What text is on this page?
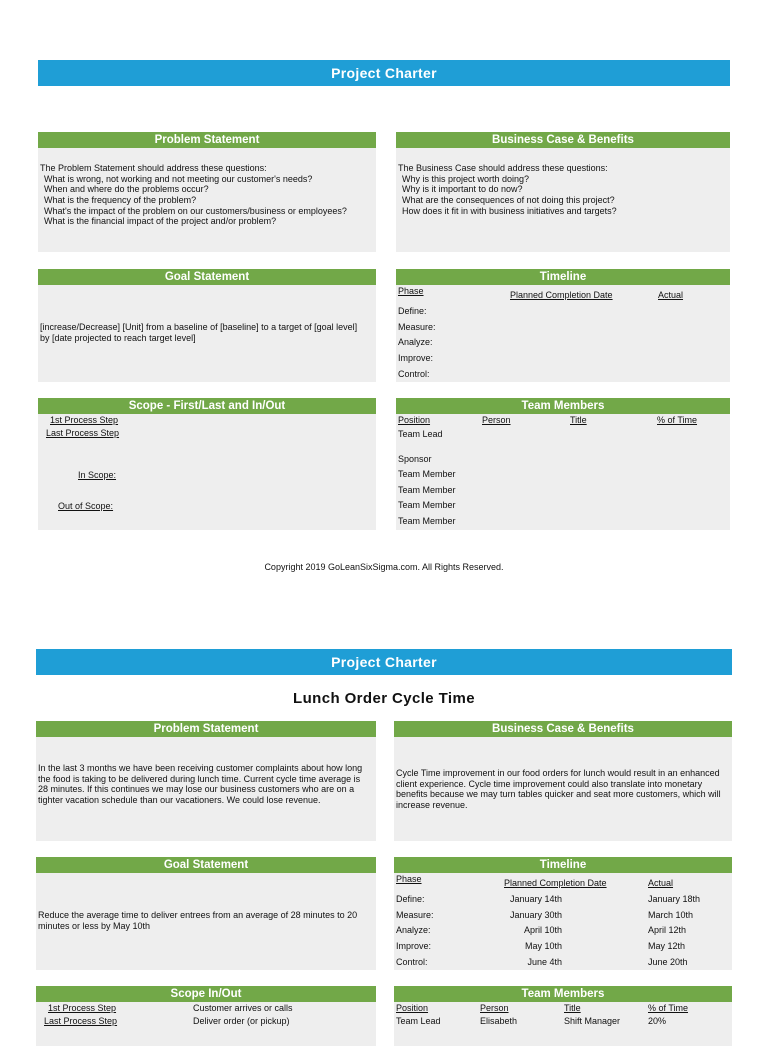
Project Charter
Problem Statement
The Problem Statement should address these questions:
What is wrong, not working and not meeting our customer's needs?
When and where do the problems occur?
What is the frequency of the problem?
What's the impact of the problem on our customers/business or employees?
What is the financial impact of the project and/or problem?
Business Case & Benefits
The Business Case should address these questions:
Why is this project worth doing?
Why is it important to do now?
What are the consequences of not doing this project?
How does it fit in with business initiatives and targets?
Goal Statement
[increase/Decrease] [Unit] from a baseline of [baseline] to a target of [goal level] by [date projected to reach target level]
Timeline
Phase	Planned Completion Date	Actual
Define:
Measure:
Analyze:
Improve:
Control:
Scope - First/Last and In/Out
1st Process Step
Last Process Step
In Scope:
Out of Scope:
Team Members
Position	Person	Title	% of Time
Team Lead
Sponsor
Team Member
Team Member
Team Member
Team Member
Copyright 2019 GoLeanSixSigma.com. All Rights Reserved.
Project Charter
Lunch Order Cycle Time
Problem Statement
In the last 3 months we have been receiving customer complaints about how long the food is taking to be delivered during lunch time. Current cycle time average is 28 minutes. If this continues we may lose our business customers who are on a tighter vacation schedule than our vacationers. We could lose revenue.
Business Case & Benefits
Cycle Time improvement in our food orders for lunch would result in an enhanced client experience. Cycle time improvement could also translate into monetary benefits because we may turn tables quicker and seat more customers, which will increase revenue.
Goal Statement
Reduce the average time to deliver entrees from an average of 28 minutes to 20 minutes or less by May 10th
Timeline
Phase	Planned Completion Date	Actual
Define:	January 14th	January 18th
Measure:	January 30th	March 10th
Analyze:	April 10th	April 12th
Improve:	May 10th	May 12th
Control:	June 4th	June 20th
Scope In/Out
1st Process Step	Customer arrives or calls
Last Process Step	Deliver order (or pickup)
Team Members
Position	Person	Title	% of Time
Team Lead	Elisabeth	Shift Manager	20%
